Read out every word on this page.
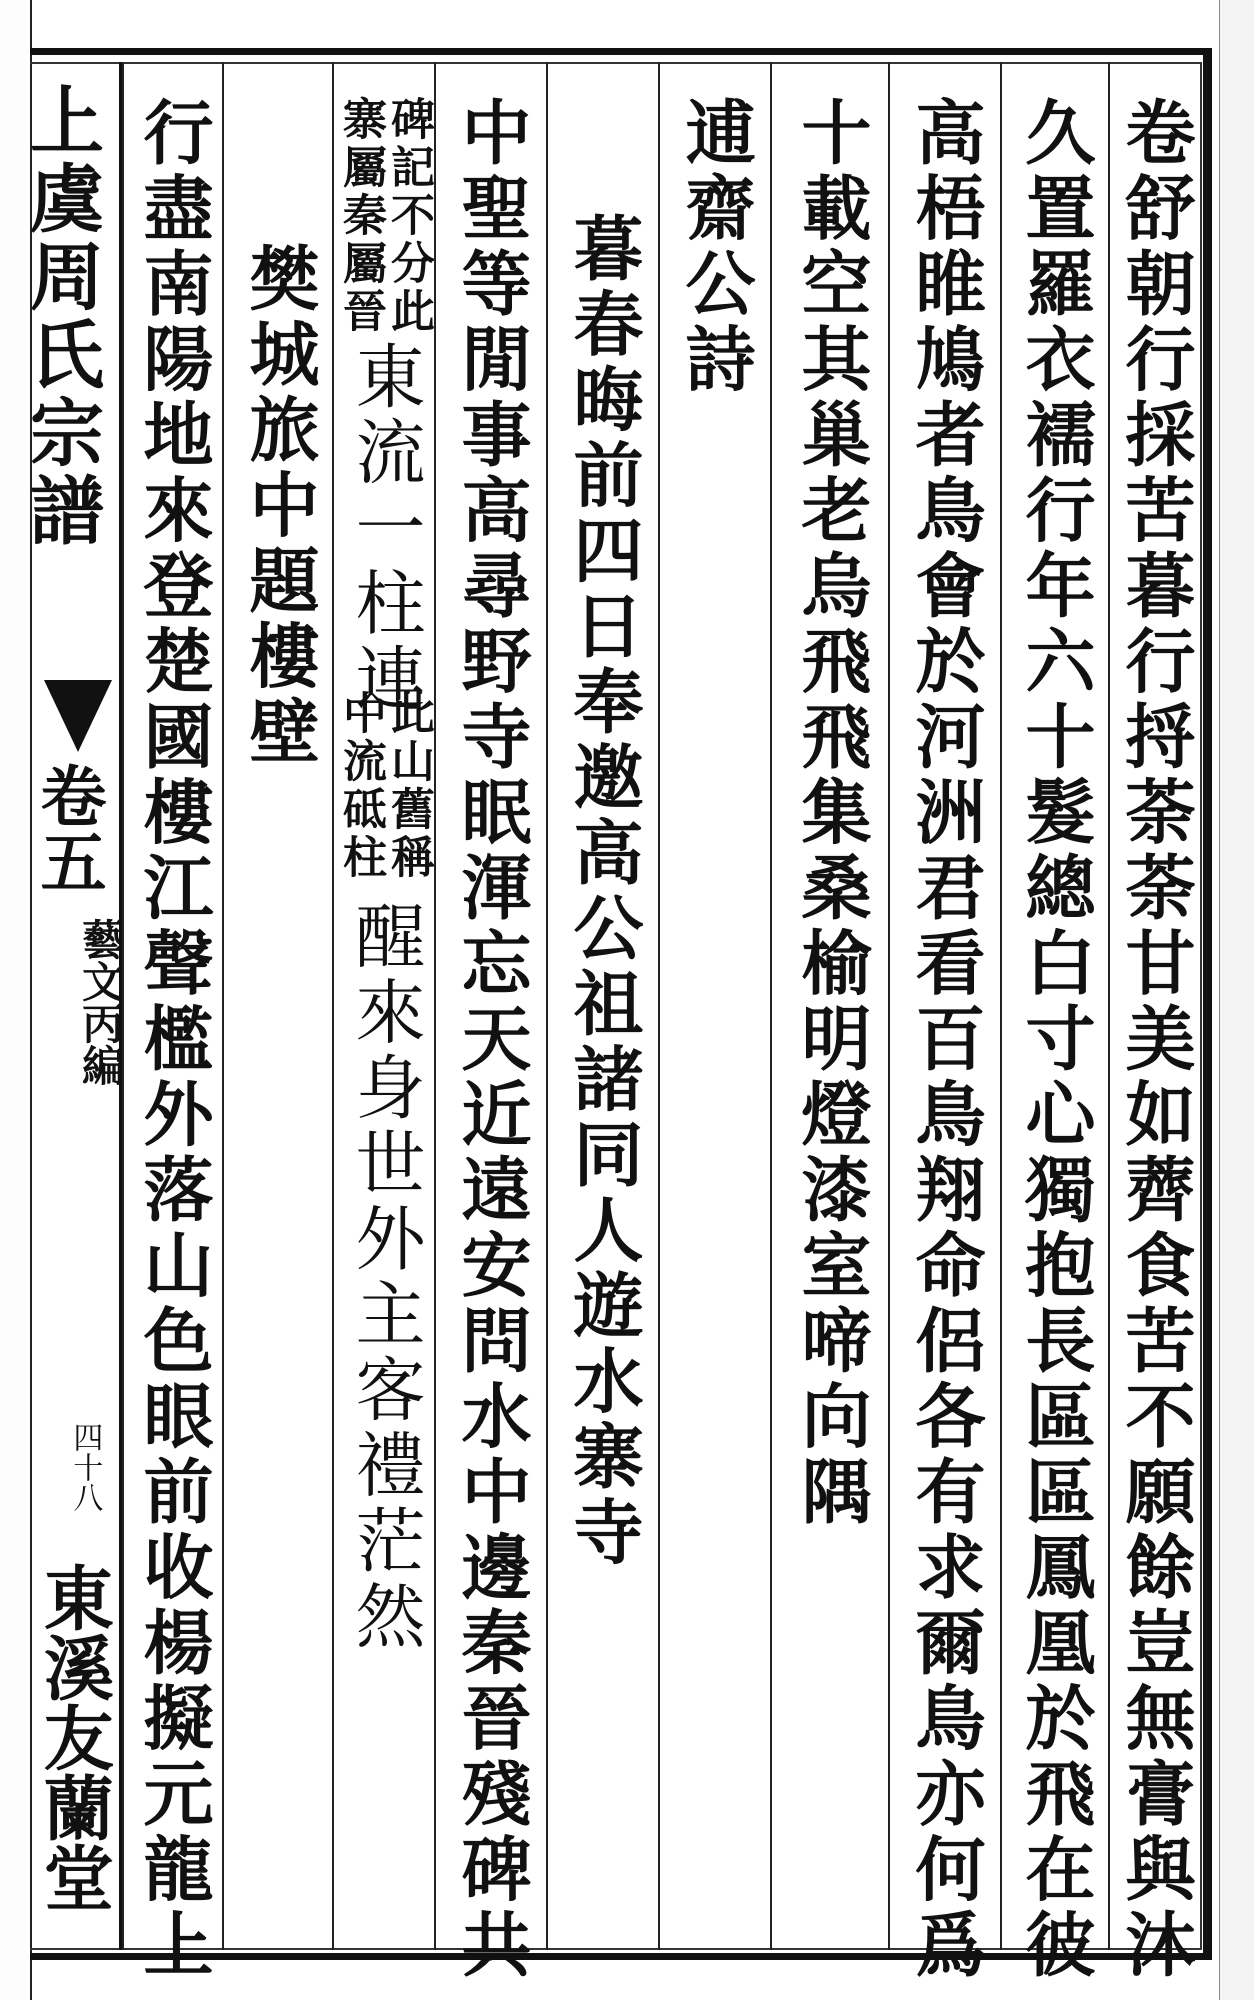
上虞周氏宗譜
卷五
藝文丙編
四十八
東溪友蘭堂 行盡南陽地來登楚國樓江聲檻外落山色眼前收楊擬元龍上 樊城旅中題樓壁
寨屬秦屬晉
碑記不分此
東流一柱連
中流砥柱
此山舊稱
醒來身世外主客禮茫然 中聖等閒事高尋野寺眠渾忘天近遠安問水中邊秦晉殘碑共 暮春晦前四日奉邀高公祖諸同人遊水寨寺 逋齋公詩 十載空其巢老烏飛飛集桑榆明燈漆室啼向隅 高梧睢鳩者鳥會於河洲君看百鳥翔命侶各有求爾鳥亦何爲 久置羅衣襦行年六十髮總白寸心獨抱長區區鳳凰於飛在彼 卷舒朝行採苦暮行捋荼荼甘美如薺食苦不願餘豈無膏與沐
